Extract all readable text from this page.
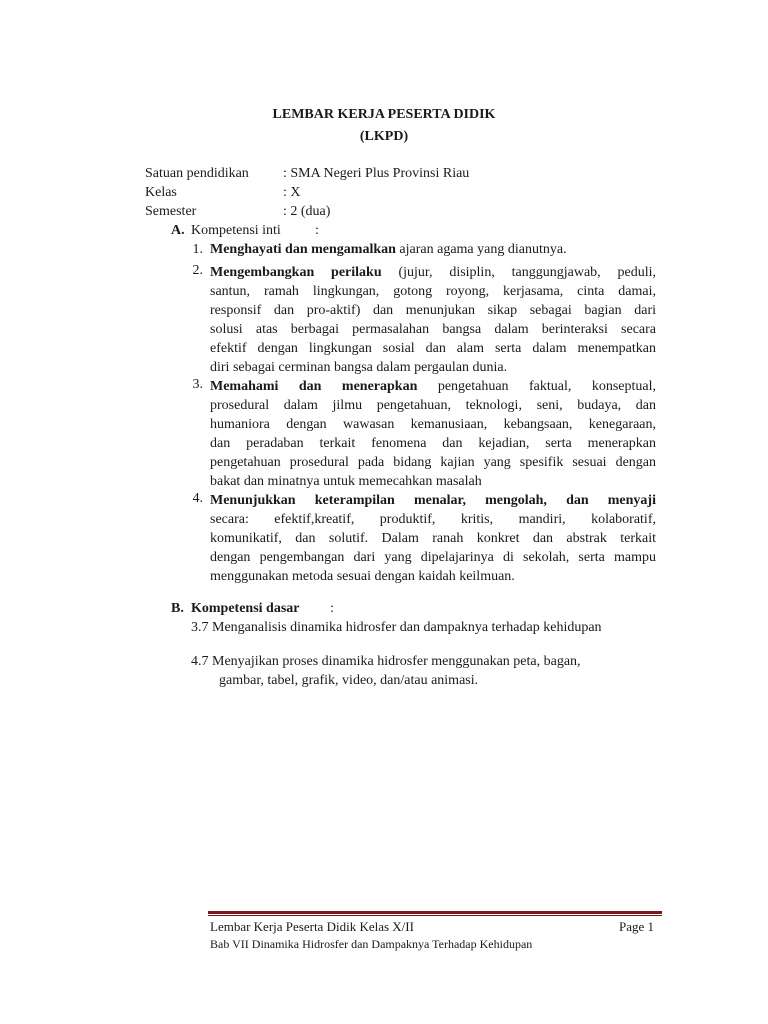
LEMBAR KERJA PESERTA DIDIK
(LKPD)
Satuan pendidikan : SMA Negeri Plus Provinsi Riau
Kelas	: X
Semester	: 2 (dua)
A. Kompetensi inti :
1. Menghayati dan mengamalkan ajaran agama yang dianutnya.
2. Mengembangkan perilaku (jujur, disiplin, tanggungjawab, peduli,
santun, ramah lingkungan, gotong royong, kerjasama, cinta damai,
responsif dan pro-aktif) dan menunjukan sikap sebagai bagian dari
solusi atas berbagai permasalahan bangsa dalam berinteraksi secara
efektif dengan lingkungan sosial dan alam serta dalam menempatkan
diri sebagai cerminan bangsa dalam pergaulan dunia.
3. Memahami dan menerapkan pengetahuan faktual, konseptual,
prosedural dalam jilmu pengetahuan, teknologi, seni, budaya, dan
humaniora dengan wawasan kemanusiaan, kebangsaan, kenegaraan,
dan peradaban terkait fenomena dan kejadian, serta menerapkan
pengetahuan prosedural pada bidang kajian yang spesifik sesuai dengan
bakat dan minatnya untuk memecahkan masalah
4. Menunjukkan keterampilan menalar, mengolah, dan menyaji
secara: efektif,kreatif, produktif, kritis, mandiri, kolaboratif,
komunikatif, dan solutif. Dalam ranah konkret dan abstrak terkait
dengan pengembangan dari yang dipelajarinya di sekolah, serta mampu
menggunakan metoda sesuai dengan kaidah keilmuan.
B. Kompetensi dasar :
3.7 Menganalisis dinamika hidrosfer dan dampaknya terhadap kehidupan
4.7 Menyajikan proses dinamika hidrosfer menggunakan peta, bagan,
gambar, tabel, grafik, video, dan/atau animasi.
Lembar Kerja Peserta Didik Kelas X/II	Page 1
Bab VII Dinamika Hidrosfer dan Dampaknya Terhadap Kehidupan
